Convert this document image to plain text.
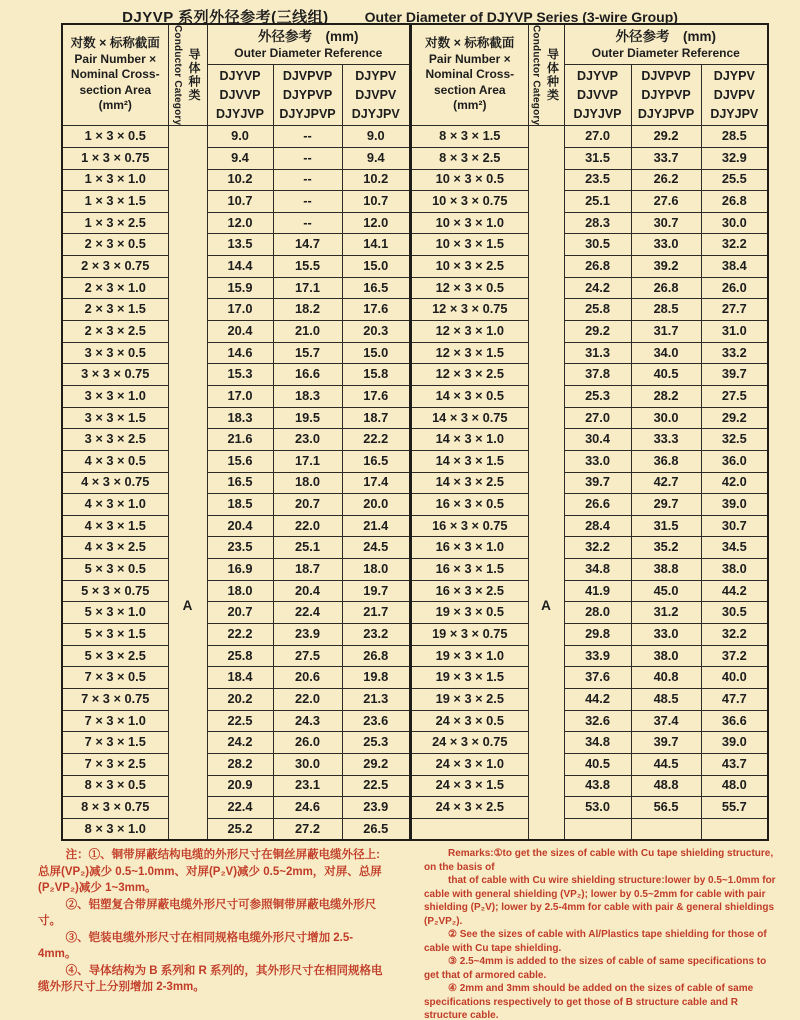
DJYVP 系列外径参考(三线组)	Outer Diameter of DJYVP Series (3-wire Group)
对数 × 标称截面
Pair Number ×
Nominal Cross-
section Area
(mm²)	Conductor Category 导体种类

外径参考　(mm)
Outer Diameter Reference

DJYVP
DJVVP
DJYJVP

DJVPVP
DJYPVP
DJYJPVP

DJYPV
DJVPV
DJYJPV

1 × 3 × 0.5	A	9.0	--	9.0
1 × 3 × 0.75		9.4	--	9.4
1 × 3 × 1.0		10.2	--	10.2
1 × 3 × 1.5		10.7	--	10.7
1 × 3 × 2.5		12.0	--	12.0
2 × 3 × 0.5		13.5	14.7	14.1
2 × 3 × 0.75		14.4	15.5	15.0
2 × 3 × 1.0		15.9	17.1	16.5
2 × 3 × 1.5		17.0	18.2	17.6
2 × 3 × 2.5		20.4	21.0	20.3
3 × 3 × 0.5		14.6	15.7	15.0
3 × 3 × 0.75		15.3	16.6	15.8
3 × 3 × 1.0		17.0	18.3	17.6
3 × 3 × 1.5		18.3	19.5	18.7
3 × 3 × 2.5		21.6	23.0	22.2
4 × 3 × 0.5		15.6	17.1	16.5
4 × 3 × 0.75		16.5	18.0	17.4
4 × 3 × 1.0		18.5	20.7	20.0
4 × 3 × 1.5		20.4	22.0	21.4
4 × 3 × 2.5		23.5	25.1	24.5
5 × 3 × 0.5		16.9	18.7	18.0
5 × 3 × 0.75		18.0	20.4	19.7
5 × 3 × 1.0		20.7	22.4	21.7
5 × 3 × 1.5		22.2	23.9	23.2
5 × 3 × 2.5		25.8	27.5	26.8
7 × 3 × 0.5		18.4	20.6	19.8
7 × 3 × 0.75		20.2	22.0	21.3
7 × 3 × 1.0		22.5	24.3	23.6
7 × 3 × 1.5		24.2	26.0	25.3
7 × 3 × 2.5		28.2	30.0	29.2
8 × 3 × 0.5		20.9	23.1	22.5
8 × 3 × 0.75		22.4	24.6	23.9
8 × 3 × 1.0		25.2	27.2	26.5
对数 × 标称截面
Pair Number ×
Nominal Cross-
section Area
(mm²)	Conductor Category 导体种类

外径参考　(mm)
Outer Diameter Reference

DJYVP
DJVVP
DJYJVP

DJVPVP
DJYPVP
DJYJPVP

DJYPV
DJVPV
DJYJPV

8 × 3 × 1.5	A	27.0	29.2	28.5
8 × 3 × 2.5		31.5	33.7	32.9
10 × 3 × 0.5		23.5	26.2	25.5
10 × 3 × 0.75		25.1	27.6	26.8
10 × 3 × 1.0		28.3	30.7	30.0
10 × 3 × 1.5		30.5	33.0	32.2
10 × 3 × 2.5		26.8	39.2	38.4
12 × 3 × 0.5		24.2	26.8	26.0
12 × 3 × 0.75		25.8	28.5	27.7
12 × 3 × 1.0		29.2	31.7	31.0
12 × 3 × 1.5		31.3	34.0	33.2
12 × 3 × 2.5		37.8	40.5	39.7
14 × 3 × 0.5		25.3	28.2	27.5
14 × 3 × 0.75		27.0	30.0	29.2
14 × 3 × 1.0		30.4	33.3	32.5
14 × 3 × 1.5		33.0	36.8	36.0
14 × 3 × 2.5		39.7	42.7	42.0
16 × 3 × 0.5		26.6	29.7	39.0
16 × 3 × 0.75		28.4	31.5	30.7
16 × 3 × 1.0		32.2	35.2	34.5
16 × 3 × 1.5		34.8	38.8	38.0
16 × 3 × 2.5		41.9	45.0	44.2
19 × 3 × 0.5		28.0	31.2	30.5
19 × 3 × 0.75		29.8	33.0	32.2
19 × 3 × 1.0		33.9	38.0	37.2
19 × 3 × 1.5		37.6	40.8	40.0
19 × 3 × 2.5		44.2	48.5	47.7
24 × 3 × 0.5		32.6	37.4	36.6
24 × 3 × 0.75		34.8	39.7	39.0
24 × 3 × 1.0		40.5	44.5	43.7
24 × 3 × 1.5		43.8	48.8	48.0
24 × 3 × 2.5		53.0	56.5	55.7

注：①、铜带屏蔽结构电缆的外形尺寸在铜丝屏蔽电缆外径上:总屏(VP₂)减少 0.5~1.0mm、对屏(P₂V)减少 0.5~2mm，对屏、总屏(P₂VP₂)减少 1~3mm。

②、铝塑复合带屏蔽电缆外形尺寸可参照铜带屏蔽电缆外形尺寸。

③、铠装电缆外形尺寸在相同规格电缆外形尺寸增加 2.5-4mm。

④、导体结构为 B 系列和 R 系列的，其外形尺寸在相同规格电缆外形尺寸上分别增加 2-3mm。

Remarks:①to get the sizes of cable with Cu tape shielding structure, on the basis of

that of cable with Cu wire shielding structure:lower by 0.5~1.0mm for cable with general shielding (VP₂); lower by 0.5~2mm for cable with pair shielding (P₂V); lower by 2.5-4mm for cable with pair & general shieldings (P₂VP₂).

② See the sizes of cable with Al/Plastics tape shielding for those of cable with Cu tape shielding.

③ 2.5~4mm is added to the sizes of cable of same specifications to get that of armored cable.

④ 2mm and 3mm should be added on the sizes of cable of same specifications respectively to get those of B structure cable and R structure cable.
